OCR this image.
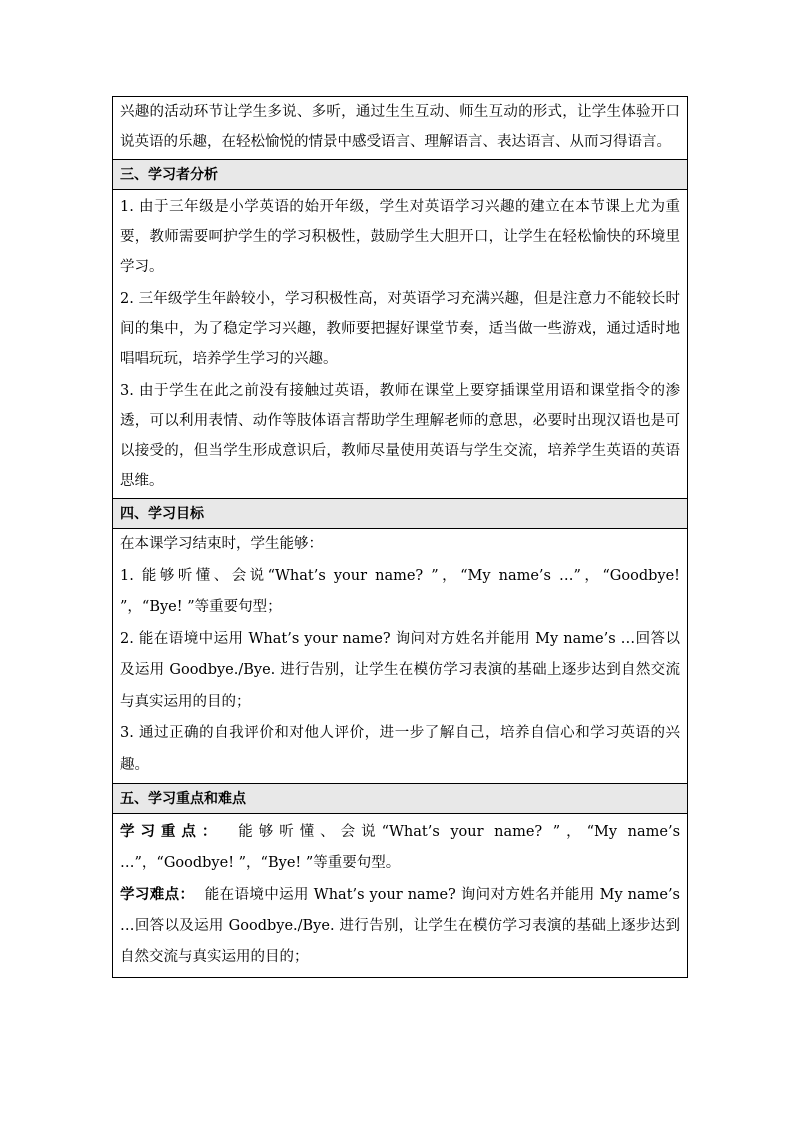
兴趣的活动环节让学生多说、多听，通过生生互动、师生互动的形式，让学生体验开口说英语的乐趣，在轻松愉悦的情景中感受语言、理解语言、表达语言、从而习得语言。

三、学习者分析

1. 由于三年级是小学英语的始开年级，学生对英语学习兴趣的建立在本节课上尤为重要，教师需要呵护学生的学习积极性，鼓励学生大胆开口，让学生在轻松愉快的环境里学习。

2. 三年级学生年龄较小，学习积极性高，对英语学习充满兴趣，但是注意力不能较长时间的集中，为了稳定学习兴趣，教师要把握好课堂节奏，适当做一些游戏，通过适时地唱唱玩玩，培养学生学习的兴趣。

3. 由于学生在此之前没有接触过英语，教师在课堂上要穿插课堂用语和课堂指令的渗透，可以利用表情、动作等肢体语言帮助学生理解老师的意思，必要时出现汉语也是可以接受的，但当学生形成意识后，教师尽量使用英语与学生交流，培养学生英语的英语思维。

四、学习目标

在本课学习结束时，学生能够：

1. 能够听懂、会说“What’s your name? ”，“My name’s …”，“Goodbye! ”，“Bye! ”等重要句型；

2. 能在语境中运用 What’s your name? 询问对方姓名并能用 My name’s …回答以及运用 Goodbye./Bye. 进行告别，让学生在模仿学习表演的基础上逐步达到自然交流与真实运用的目的；

3. 通过正确的自我评价和对他人评价，进一步了解自己，培养自信心和学习英语的兴趣。

五、学习重点和难点

学习重点： 能够听懂、会说“What’s your name? ”，“My name’s …”，“Goodbye! ”，“Bye! ”等重要句型。

学习难点： 能在语境中运用 What’s your name? 询问对方姓名并能用 My name’s …回答以及运用 Goodbye./Bye. 进行告别，让学生在模仿学习表演的基础上逐步达到自然交流与真实运用的目的；
